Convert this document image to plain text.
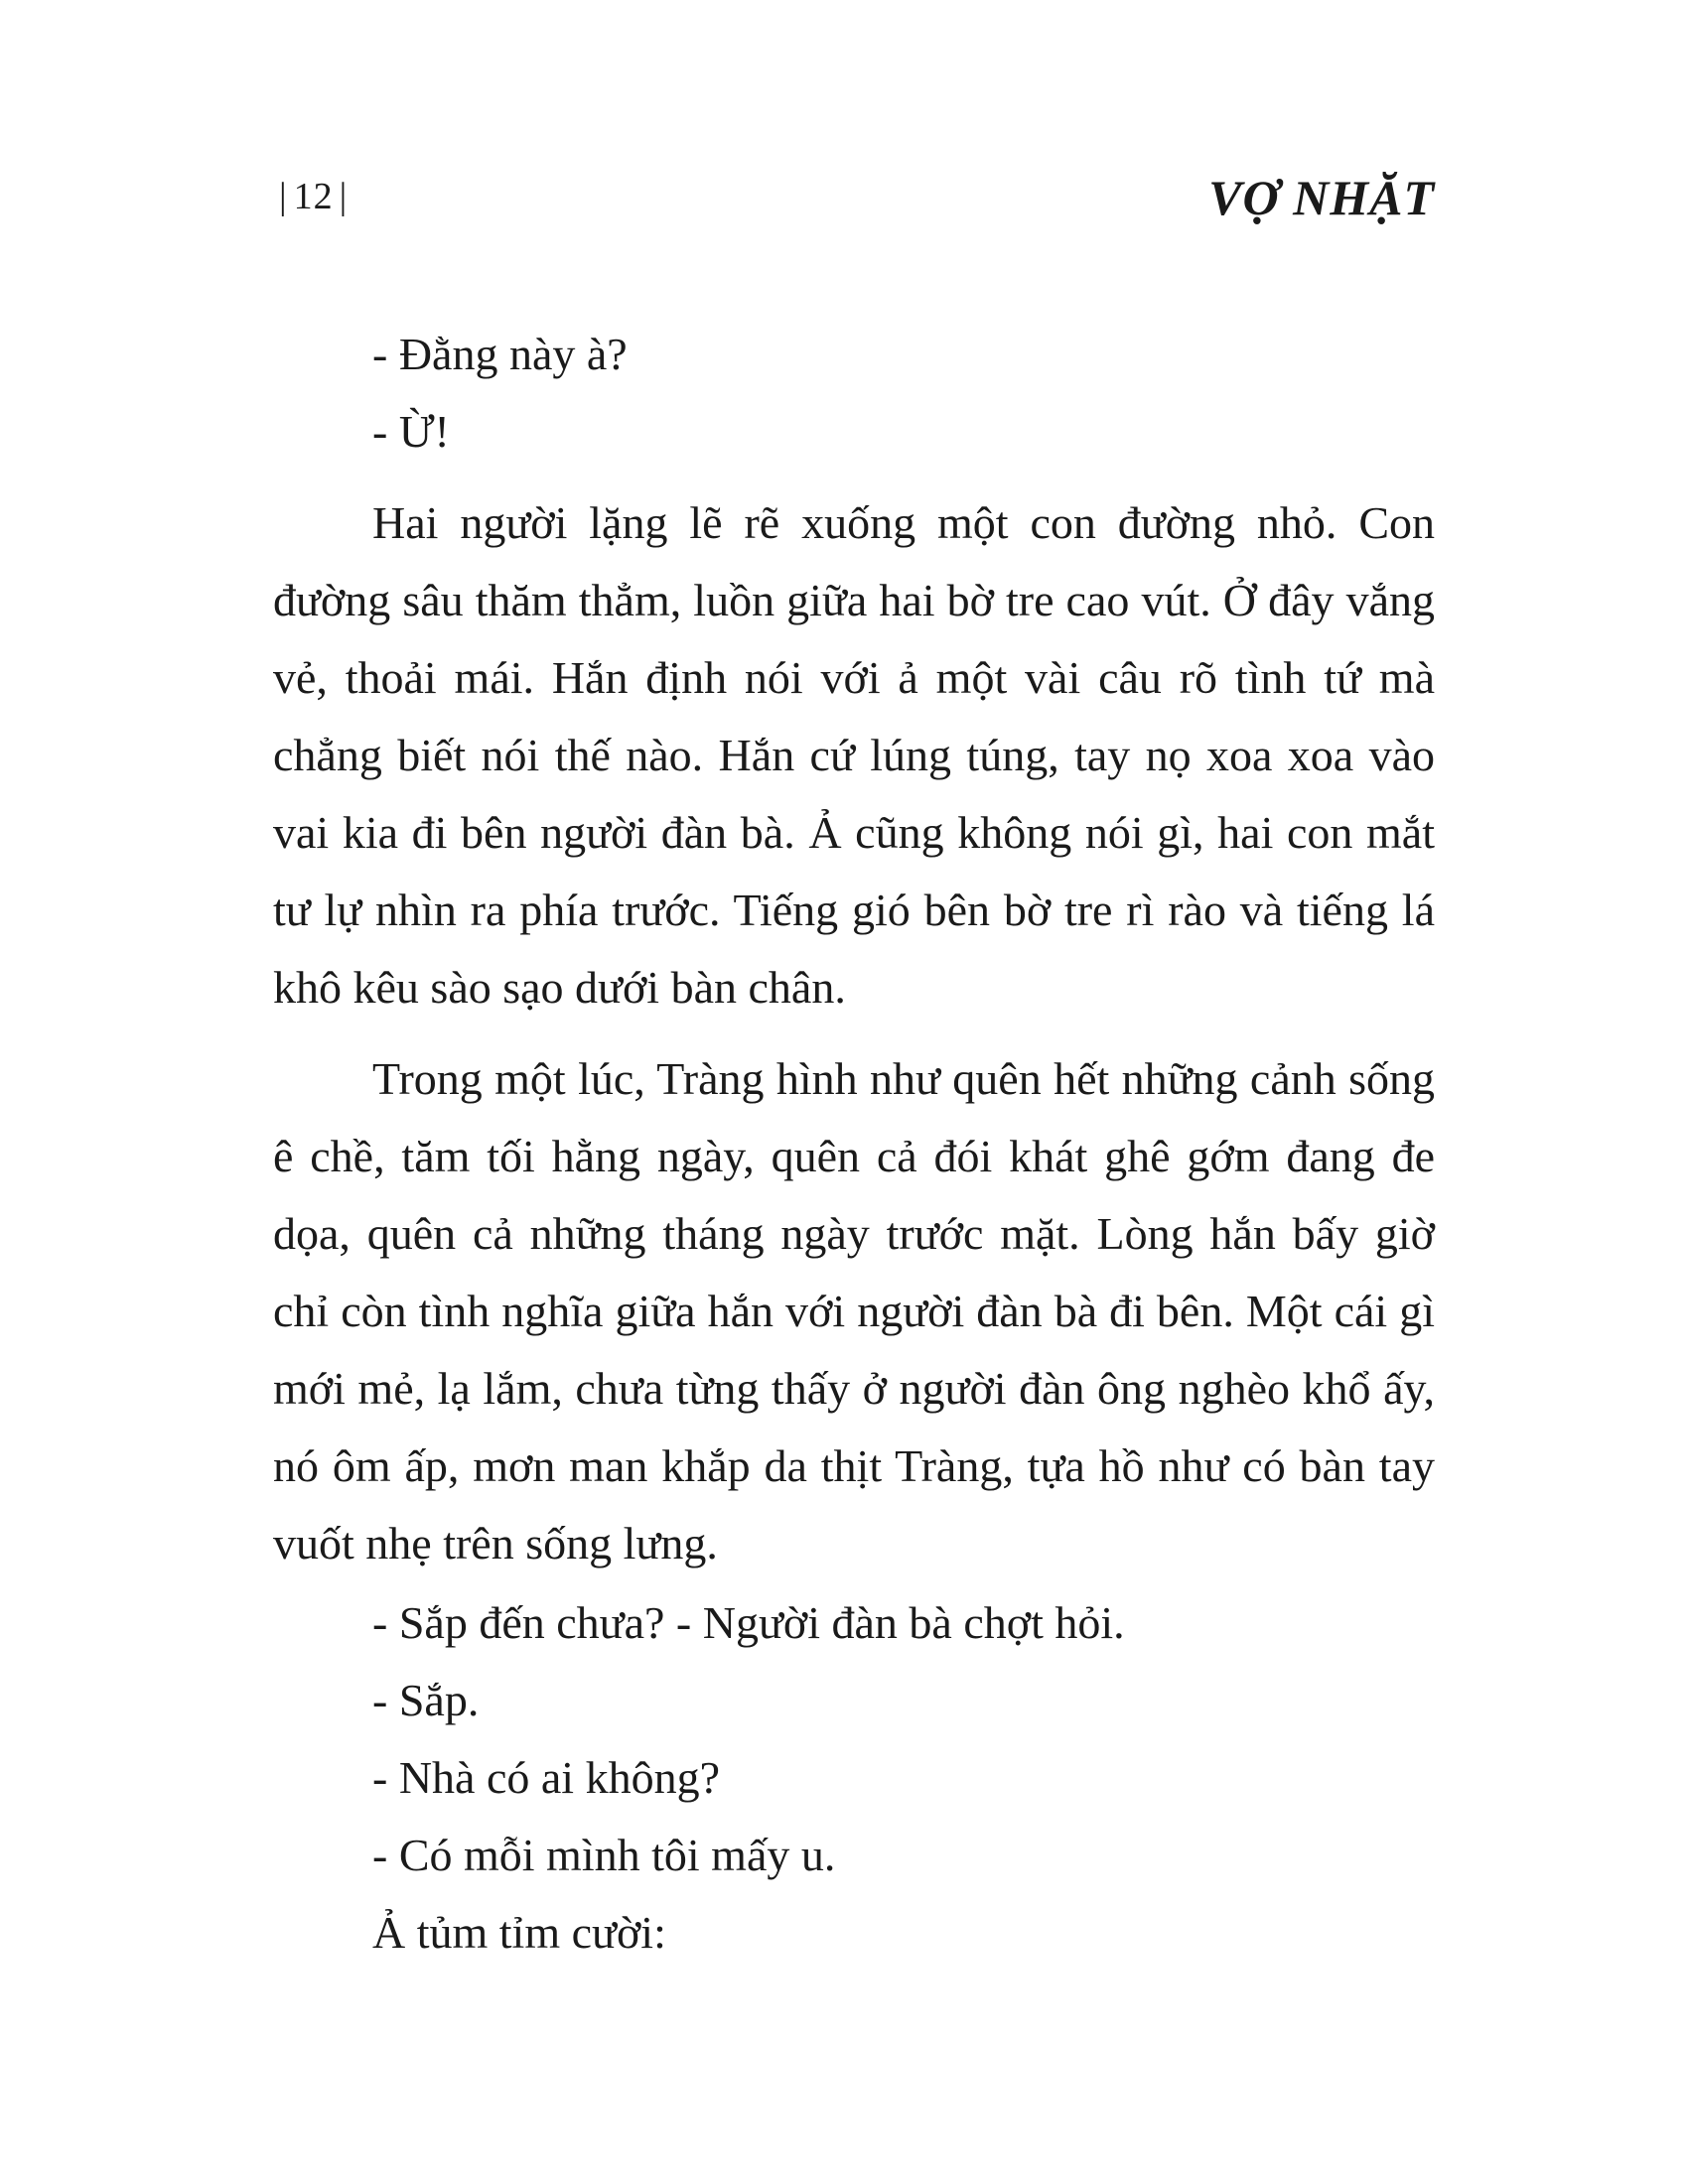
| 12 |	VỢ NHẶT

- Đằng này à?

- Ừ!

Hai người lặng lẽ rẽ xuống một con đường nhỏ. Con đường sâu thăm thẳm, luồn giữa hai bờ tre cao vút. Ở đây vắng vẻ, thoải mái. Hắn định nói với ả một vài câu rõ tình tứ mà chẳng biết nói thế nào. Hắn cứ lúng túng, tay nọ xoa xoa vào vai kia đi bên người đàn bà. Ả cũng không nói gì, hai con mắt tư lự nhìn ra phía trước. Tiếng gió bên bờ tre rì rào và tiếng lá khô kêu sào sạo dưới bàn chân.

Trong một lúc, Tràng hình như quên hết những cảnh sống ê chề, tăm tối hằng ngày, quên cả đói khát ghê gớm đang đe dọa, quên cả những tháng ngày trước mặt. Lòng hắn bấy giờ chỉ còn tình nghĩa giữa hắn với người đàn bà đi bên. Một cái gì mới mẻ, lạ lắm, chưa từng thấy ở người đàn ông nghèo khổ ấy, nó ôm ấp, mơn man khắp da thịt Tràng, tựa hồ như có bàn tay vuốt nhẹ trên sống lưng.

- Sắp đến chưa? - Người đàn bà chợt hỏi.

- Sắp.

- Nhà có ai không?

- Có mỗi mình tôi mấy u.

Ả tủm tỉm cười:
